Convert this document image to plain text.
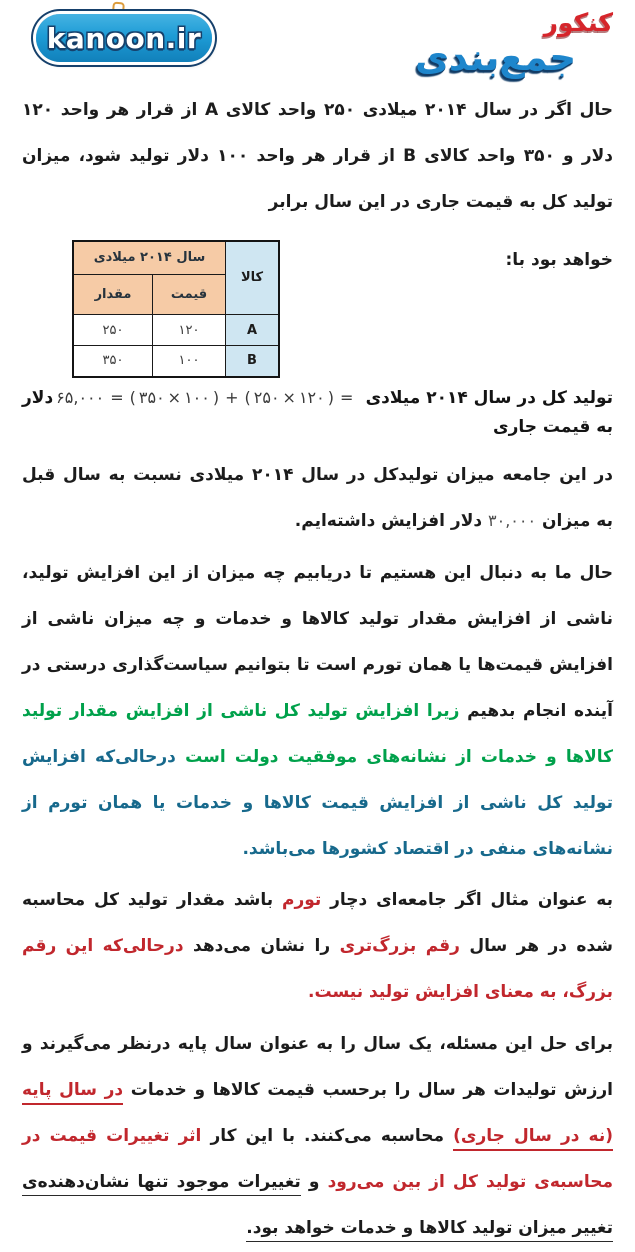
kanoon.ir	کنکور
جمع‌بندی

حال اگر در سال ۲۰۱۴ میلادی ۲۵۰ واحد کالای A از قرار هر واحد ۱۲۰ دلار و ۳۵۰ واحد کالای B از قرار هر واحد ۱۰۰ دلار تولید شود، میزان تولید کل به قیمت جاری در این سال برابر

کالا	سال ۲۰۱۴ میلادی	
	قیمت	مقدار
A	۱۲۰	۲۵۰
B	۱۰۰	۳۵۰

خواهد بود با:

دلار ۶۵,۰۰۰ = ( ۳۵۰ × ۱۰۰ ) + ( ۲۵۰ × ۱۲۰ ) = تولید کل در سال ۲۰۱۴ میلادی به قیمت جاری

در این جامعه میزان تولیدکل در سال ۲۰۱۴ میلادی نسبت به سال قبل به میزان ۳۰,۰۰۰ دلار افزایش داشته‌ایم.

حال ما به دنبال این هستیم تا دریابیم چه میزان از این افزایش تولید، ناشی از افزایش مقدار تولید کالاها و خدمات و چه میزان ناشی از افزایش قیمت‌ها یا همان تورم است تا بتوانیم سیاست‌گذاری درستی در آینده انجام بدهیم زیرا افزایش تولید کل ناشی از افزایش مقدار تولید کالاها و خدمات از نشانه‌های موفقیت دولت است درحالی‌که افزایش تولید کل ناشی از افزایش قیمت کالاها و خدمات یا همان تورم از نشانه‌های منفی در اقتصاد کشورها می‌باشد.

به عنوان مثال اگر جامعه‌ای دچار تورم باشد مقدار تولید کل محاسبه شده در هر سال رقم بزرگ‌تری را نشان می‌دهد درحالی‌که این رقم بزرگ، به معنای افزایش تولید نیست.

برای حل این مسئله، یک سال را به عنوان سال پایه درنظر می‌گیرند و ارزش تولیدات هر سال را برحسب قیمت کالاها و خدمات در سال پایه (نه در سال جاری) محاسبه می‌کنند. با این کار اثر تغییرات قیمت در محاسبه‌ی تولید کل از بین می‌رود و تغییرات موجود تنها نشان‌دهنده‌ی تغییر میزان تولید کالاها و خدمات خواهد بود.
